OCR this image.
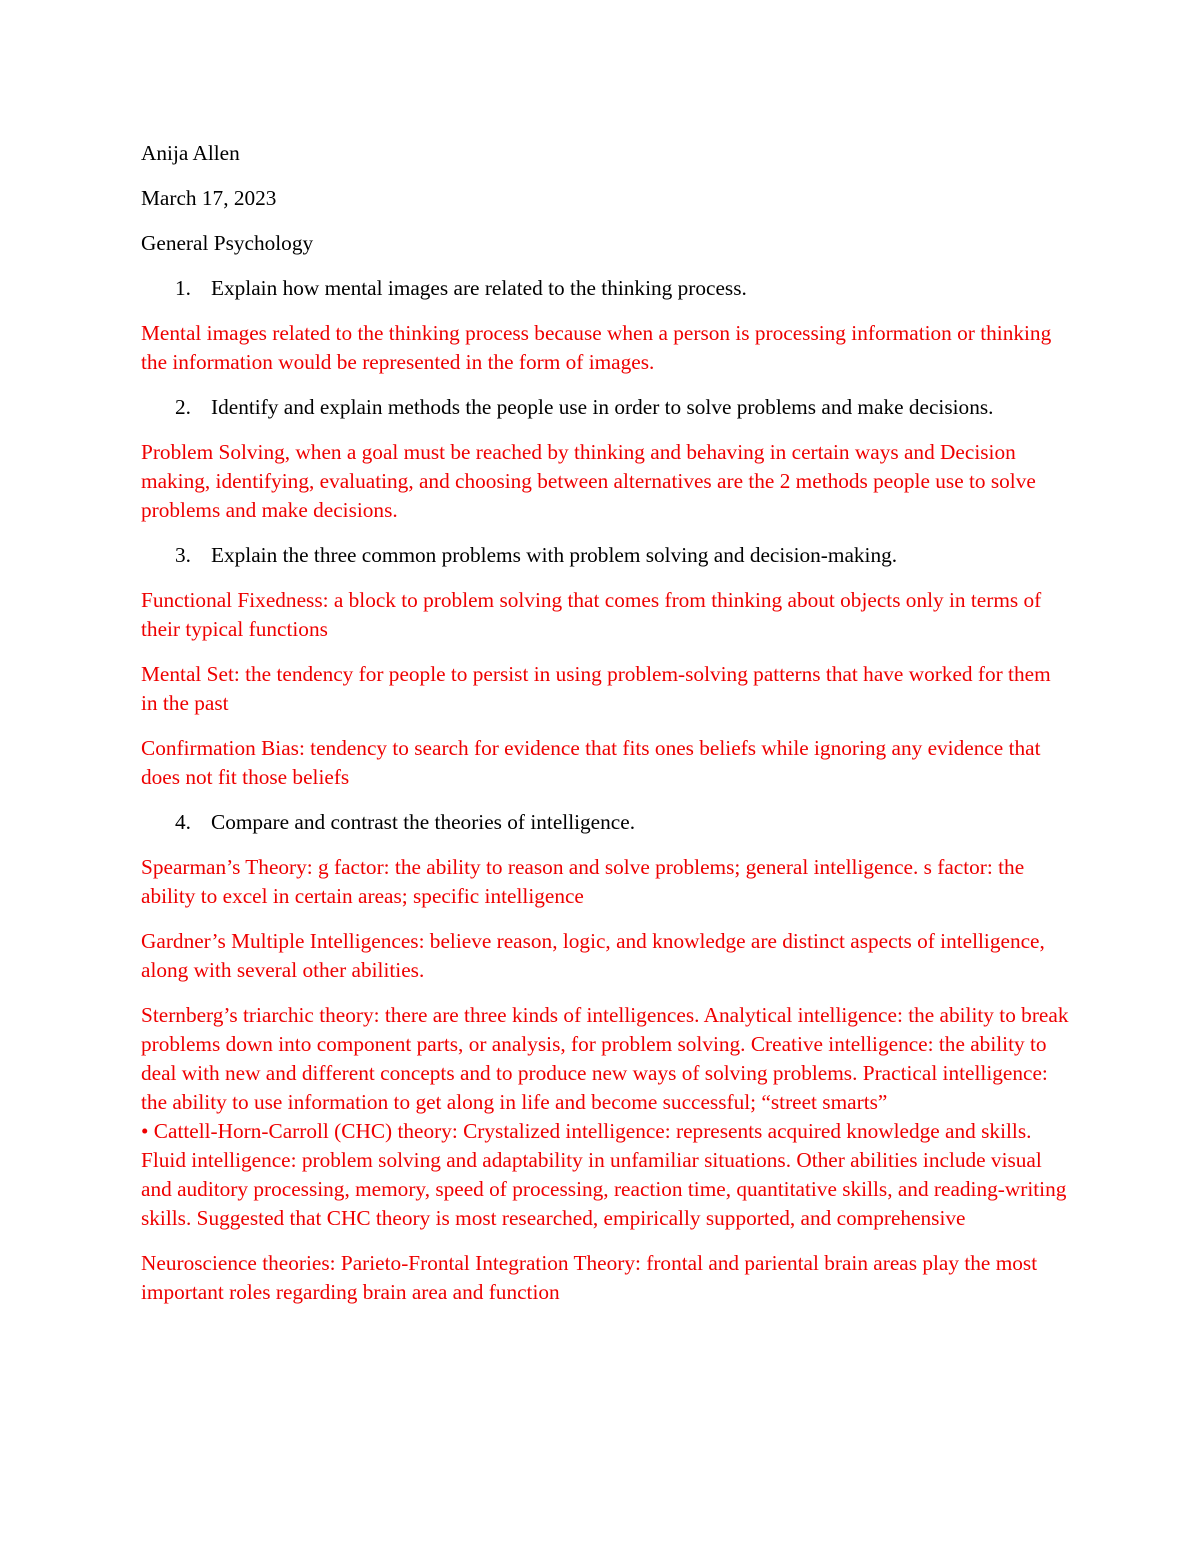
Anija Allen

March 17, 2023

General Psychology

1. Explain how mental images are related to the thinking process.

Mental images related to the thinking process because when a person is processing information or thinking the information would be represented in the form of images.

2. Identify and explain methods the people use in order to solve problems and make decisions.

Problem Solving, when a goal must be reached by thinking and behaving in certain ways and Decision making, identifying, evaluating, and choosing between alternatives are the 2 methods people use to solve problems and make decisions.

3. Explain the three common problems with problem solving and decision-making.

Functional Fixedness: a block to problem solving that comes from thinking about objects only in terms of their typical functions

Mental Set: the tendency for people to persist in using problem-solving patterns that have worked for them in the past

Confirmation Bias: tendency to search for evidence that fits ones beliefs while ignoring any evidence that does not fit those beliefs

4. Compare and contrast the theories of intelligence.

Spearman’s Theory: g factor: the ability to reason and solve problems; general intelligence. s factor: the ability to excel in certain areas; specific intelligence

Gardner’s Multiple Intelligences: believe reason, logic, and knowledge are distinct aspects of intelligence, along with several other abilities.

Sternberg’s triarchic theory: there are three kinds of intelligences. Analytical intelligence: the ability to break problems down into component parts, or analysis, for problem solving. Creative intelligence: the ability to deal with new and different concepts and to produce new ways of solving problems. Practical intelligence: the ability to use information to get along in life and become successful; “street smarts”

• Cattell-Horn-Carroll (CHC) theory: Crystalized intelligence: represents acquired knowledge and skills. Fluid intelligence: problem solving and adaptability in unfamiliar situations. Other abilities include visual and auditory processing, memory, speed of processing, reaction time, quantitative skills, and reading-writing skills. Suggested that CHC theory is most researched, empirically supported, and comprehensive

Neuroscience theories: Parieto-Frontal Integration Theory: frontal and pariental brain areas play the most important roles regarding brain area and function
